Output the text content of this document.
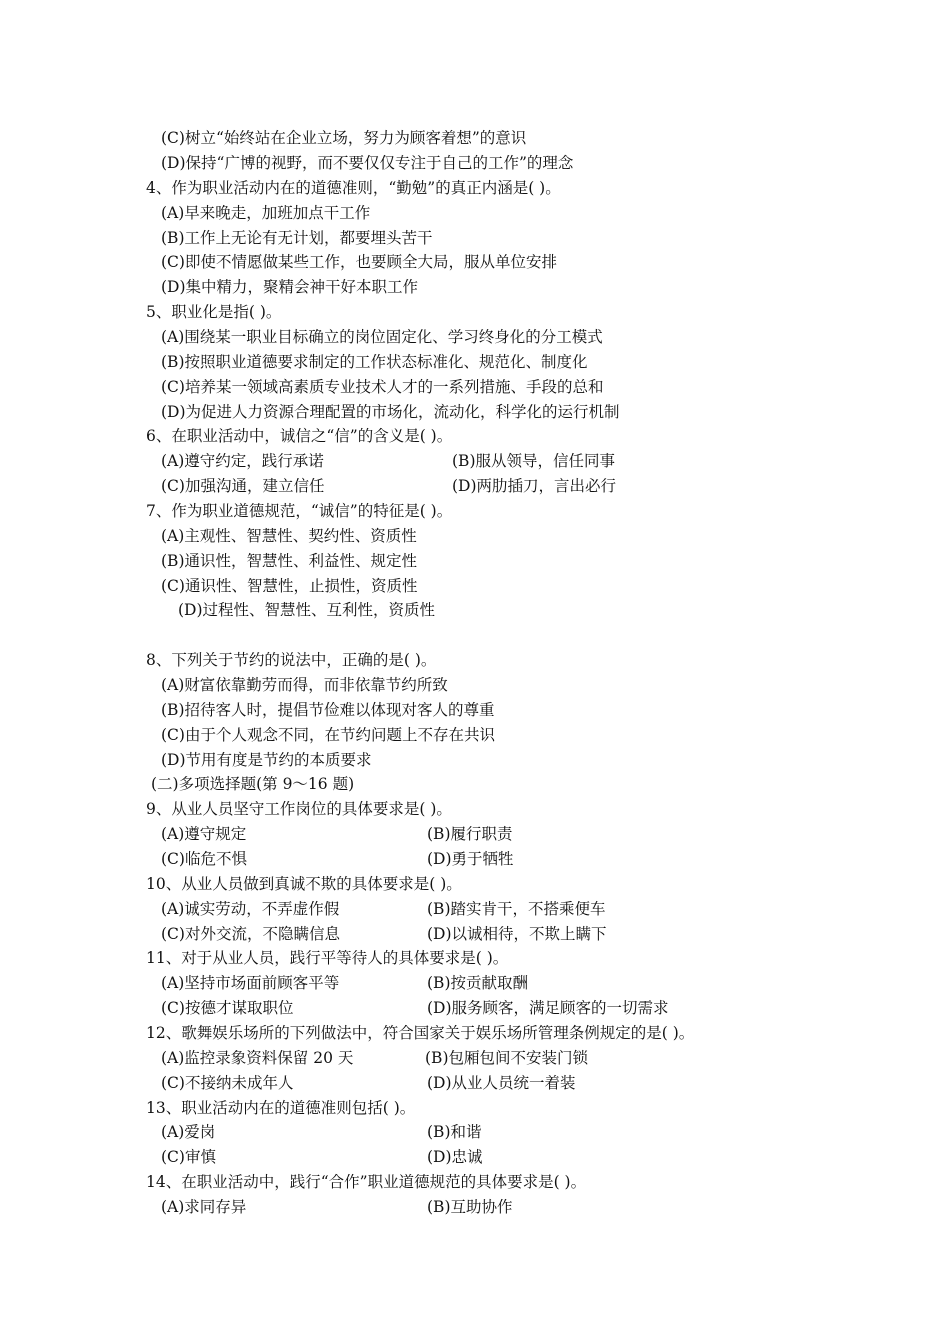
(C)树立“始终站在企业立场，努力为顾客着想”的意识
(D)保持“广博的视野，而不要仅仅专注于自己的工作”的理念
4、作为职业活动内在的道德准则，“勤勉”的真正内涵是( )。
(A)早来晚走，加班加点干工作
(B)工作上无论有无计划，都要埋头苦干
(C)即使不情愿做某些工作，也要顾全大局，服从单位安排
(D)集中精力，聚精会神干好本职工作
5、职业化是指( )。
(A)围绕某一职业目标确立的岗位固定化、学习终身化的分工模式
(B)按照职业道德要求制定的工作状态标准化、规范化、制度化
(C)培养某一领域高素质专业技术人才的一系列措施、手段的总和
(D)为促进人力资源合理配置的市场化，流动化，科学化的运行机制
6、在职业活动中，诚信之“信”的含义是( )。
(A)遵守约定，践行承诺	(B)服从领导，信任同事
(C)加强沟通，建立信任	(D)两肋插刀，言出必行
7、作为职业道德规范，“诚信”的特征是( )。
(A)主观性、智慧性、契约性、资质性
(B)通识性，智慧性、利益性、规定性
(C)通识性、智慧性，止损性，资质性
(D)过程性、智慧性、互利性，资质性
8、下列关于节约的说法中，正确的是( )。
(A)财富依靠勤劳而得，而非依靠节约所致
(B)招待客人时，提倡节俭难以体现对客人的尊重
(C)由于个人观念不同，在节约问题上不存在共识
(D)节用有度是节约的本质要求
(二)多项选择题(第 9～16 题)
9、从业人员坚守工作岗位的具体要求是( )。
(A)遵守规定	(B)履行职责
(C)临危不惧	(D)勇于牺牲
10、从业人员做到真诚不欺的具体要求是( )。
(A)诚实劳动，不弄虚作假	(B)踏实肯干，不搭乘便车
(C)对外交流，不隐瞒信息	(D)以诚相待，不欺上瞒下
11、对于从业人员，践行平等待人的具体要求是( )。
(A)坚持市场面前顾客平等	(B)按贡献取酬
(C)按德才谋取职位	(D)服务顾客，满足顾客的一切需求
12、歌舞娱乐场所的下列做法中，符合国家关于娱乐场所管理条例规定的是( )。
(A)监控录象资料保留 20 天	(B)包厢包间不安装门锁
(C)不接纳未成年人	(D)从业人员统一着装
13、职业活动内在的道德准则包括( )。
(A)爱岗	(B)和谐
(C)审慎	(D)忠诚
14、在职业活动中，践行“合作”职业道德规范的具体要求是( )。
(A)求同存异	(B)互助协作
